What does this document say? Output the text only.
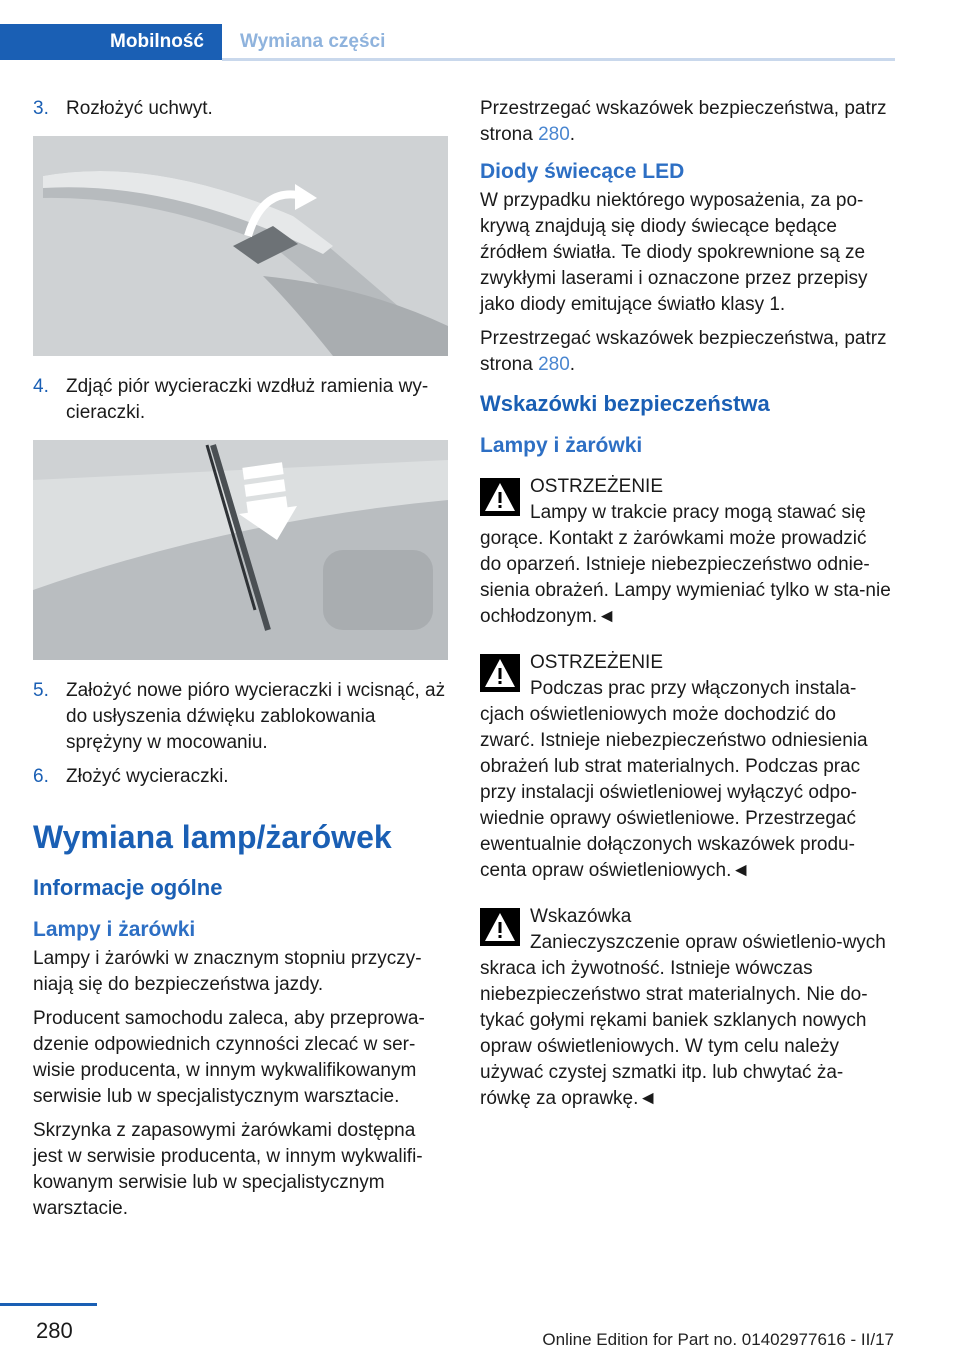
Mobilność	Wymiana części
3. Rozłożyć uchwyt.
4. Zdjąć piór wycieraczki wzdłuż ramienia wy-cieraczki.
5. Założyć nowe pióro wycieraczki i wcisnąć, aż do usłyszenia dźwięku zablokowania sprężyny w mocowaniu.
6. Złożyć wycieraczki.
Wymiana lamp/żarówek
Informacje ogólne
Lampy i żarówki

Lampy i żarówki w znacznym stopniu przyczy-niają się do bezpieczeństwa jazdy.

Producent samochodu zaleca, aby przeprowa-dzenie odpowiednich czynności zlecać w ser-wisie producenta, w innym wykwalifikowanym serwisie lub w specjalistycznym warsztacie.

Skrzynka z zapasowymi żarówkami dostępna jest w serwisie producenta, w innym wykwalifi-kowanym serwisie lub w specjalistycznym warsztacie.

Przestrzegać wskazówek bezpieczeństwa, patrz strona 280.

Diody świecące LED

W przypadku niektórego wyposażenia, za po-krywą znajdują się diody świecące będące źródłem światła. Te diody spokrewnione są ze zwykłymi laserami i oznaczone przez przepisy jako diody emitujące światło klasy 1.

Przestrzegać wskazówek bezpieczeństwa, patrz strona 280.

Wskazówki bezpieczeństwa
Lampy i żarówki
OSTRZEŻENIE
Lampy w trakcie pracy mogą stawać się gorące. Kontakt z żarówkami może prowadzić do oparzeń. Istnieje niebezpieczeństwo odnie-sienia obrażeń. Lampy wymieniać tylko w sta-nie ochłodzonym.◄
OSTRZEŻENIE
Podczas prac przy włączonych instala-cjach oświetleniowych może dochodzić do zwarć. Istnieje niebezpieczeństwo odniesienia obrażeń lub strat materialnych. Podczas prac przy instalacji oświetleniowej wyłączyć odpo-wiednie oprawy oświetleniowe. Przestrzegać ewentualnie dołączonych wskazówek produ-centa opraw oświetleniowych.◄
Wskazówka
Zanieczyszczenie opraw oświetlenio-wych skraca ich żywotność. Istnieje wówczas niebezpieczeństwo strat materialnych. Nie do-tykać gołymi rękami baniek szklanych nowych opraw oświetleniowych. W tym celu należy używać czystej szmatki itp. lub chwytać ża-rówkę za oprawkę.◄
280	Online Edition for Part no. 01402977616 - II/17
